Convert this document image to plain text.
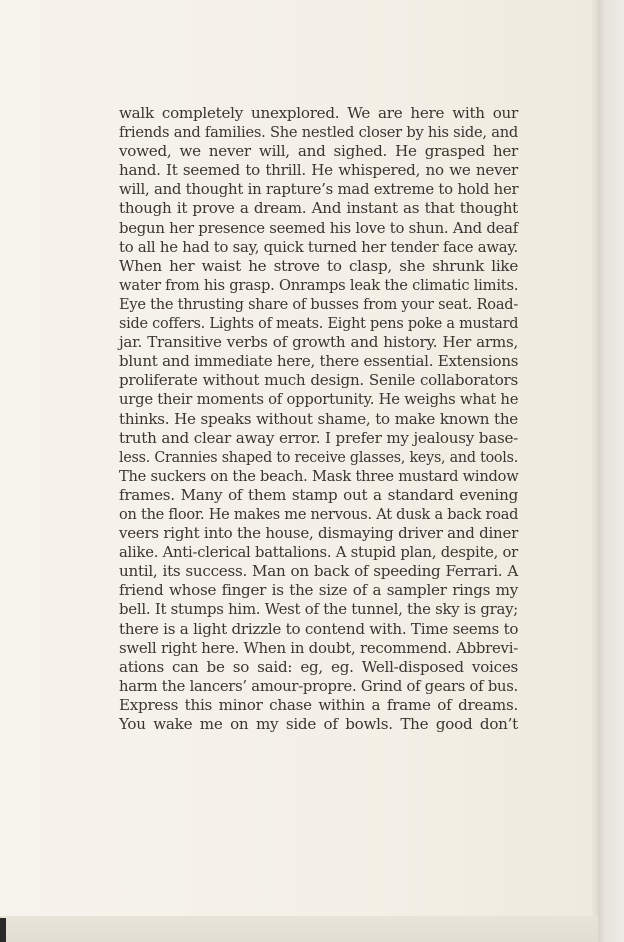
walk completely unexplored. We are here with our
friends and families. She nestled closer by his side, and
vowed, we never will, and sighed. He grasped her
hand. It seemed to thrill. He whispered, no we never
will, and thought in rapture’s mad extreme to hold her
though it prove a dream. And instant as that thought
begun her presence seemed his love to shun. And deaf
to all he had to say, quick turned her tender face away.
When her waist he strove to clasp, she shrunk like
water from his grasp. Onramps leak the climatic limits.
Eye the thrusting share of busses from your seat. Road-
side coffers. Lights of meats. Eight pens poke a mustard
jar. Transitive verbs of growth and history. Her arms,
blunt and immediate here, there essential. Extensions
proliferate without much design. Senile collaborators
urge their moments of opportunity. He weighs what he
thinks. He speaks without shame, to make known the
truth and clear away error. I prefer my jealousy base-
less. Crannies shaped to receive glasses, keys, and tools.
The suckers on the beach. Mask three mustard window
frames. Many of them stamp out a standard evening
on the floor. He makes me nervous. At dusk a back road
veers right into the house, dismaying driver and diner
alike. Anti-clerical battalions. A stupid plan, despite, or
until, its success. Man on back of speeding Ferrari. A
friend whose finger is the size of a sampler rings my
bell. It stumps him. West of the tunnel, the sky is gray;
there is a light drizzle to contend with. Time seems to
swell right here. When in doubt, recommend. Abbrevi-
ations can be so said: eg, eg. Well-disposed voices
harm the lancers’ amour-propre. Grind of gears of bus.
Express this minor chase within a frame of dreams.
You wake me on my side of bowls. The good don’t
